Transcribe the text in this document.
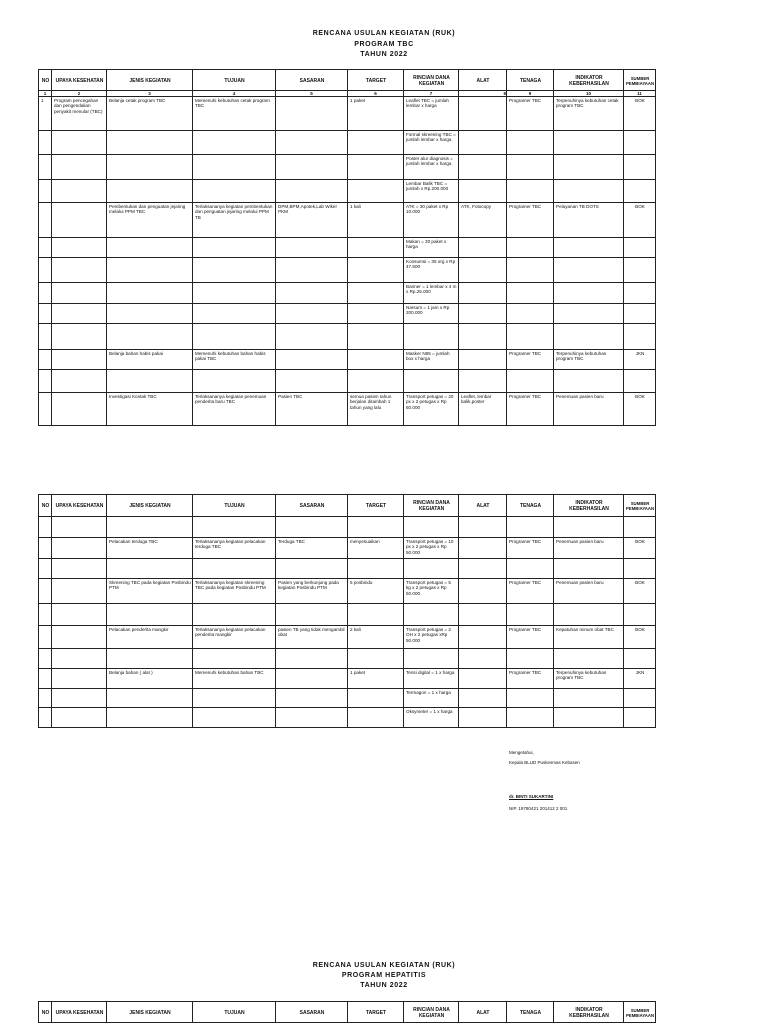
RENCANA USULAN KEGIATAN (RUK)
PROGRAM TBC
TAHUN 2022
NO	UPAYA KESEHATAN	JENIS KEGIATAN	TUJUAN	SASARAN	TARGET	RINCIAN DANA KEGIATAN	ALAT	TENAGA	INDIKATOR KEBERHASILAN	SUMBER PEMBIAYAAN
1	2	3	4	5	6	7	8	9	10	11
1	Program pencegahan dan pengendalian penyakit menular (TBC)	Belanja cetak program TBC	Memenuhi kebutuhan cetak program TBC		1 paket	Leaflet TBC = jumlah lembar x harga		Programer TBC	Terpenuhinya kebutuhan cetak program TBC	BOK
						Formal skreening TBC = jumlah lembar x harga				
						Poster alur diagnosis = jumlah lembar x harga				
						Lembar Balik TBC = jumlah x Rp.200.000				
		Pembentukan dan penguatan jejaring melalui PPM TBC	Terlaksananya kegiatan pembentukan dan penguatan jejaring melalui PPM TB	DPM,BPM,Apotek,Lab Wiker PKM	1 kali	ATK = 30 paket x Rp 10.000	ATK, Fotocopy	Programer TBC	Pelayanan TB DOTS	BOK
						Makan = 30 paket x harga				
						Konsumsi = 35 org x Rp 47.500				
						Banner = 1 lembar x 4 m x Rp.25.000				
						Narsum = 1 jam x Rp 200.000				

		Belanja bahan habis pakai	Memenuhi kebutuhan bahan habis pakai TBC			Masker N95 = jumlah box x harga		Programer TBC	Terpenuhinya kebutuhan program TBC	JKN

		Investigasi Kontak TBC	Terlaksananya kegiatan penemuan penderita baru TBC	Pasien TBC	semua pasien tahun berjalan ditambah 1 tahun yang lalu	Transport petugas = 20 px x 2 petugas x Rp 50.000	Leaflet, lembar balik,poster	Programer TBC	Penemuan pasien baru	BOK
NO	UPAYA KESEHATAN	JENIS KEGIATAN	TUJUAN	SASARAN	TARGET	RINCIAN DANA KEGIATAN	ALAT	TENAGA	INDIKATOR KEBERHASILAN	SUMBER PEMBIAYAAN

		Pelacakan terduga TBC	Terlaksananya kegiatan pelacakan terduga TBC	Terduga TBC	menyesuaikan	Transport petugas = 10 px x 2 petugas x Rp 50.000		Programer TBC	Penemuan pasien baru	BOK

		Skreening TBC pada kegiatan Posbindu PTM	Terlaksananya kegiatan skreening TBC pada kegiatan Posbindu PTM	Pasien yang berkunjung pada kegiatan Posbindu PTM	5 posbindu	Transport petugas = 5 kg x 2 petugas x Rp 50.000		Programer TBC	Penemuan pasien baru	BOK

		Pelacakan penderita mangkir	Terlaksananya kegiatan pelacakan penderita mangkir	pasien TB yang tidak mengambil obat	2 kali	Transport petugas = 2 OH x 2 petugas xRp 50.000		Programer TBC	Kepatuhan minum obat TBC	BOK

		Belanja bahan ( alat )	Memenuhi kebutuhan bahan TBC		1 paket	Tensi digital = 1 x harga		Programer TBC	Terpenuhinya kebutuhan program TBC	JKN
						Termagon = 1 x harga				
						Oksymeter = 1 x harga				
Mengetahui,
Kepala BLUD Puskesmas Kebasen
dr. BINTI SUKARTINI
NIP. 19780421 201412 2 001
RENCANA USULAN KEGIATAN (RUK)
PROGRAM HEPATITIS
TAHUN 2022
NO	UPAYA KESEHATAN	JENIS KEGIATAN	TUJUAN	SASARAN	TARGET	RINCIAN DANA KEGIATAN	ALAT	TENAGA	INDIKATOR KEBERHASILAN	SUMBER PEMBIAYAAN
